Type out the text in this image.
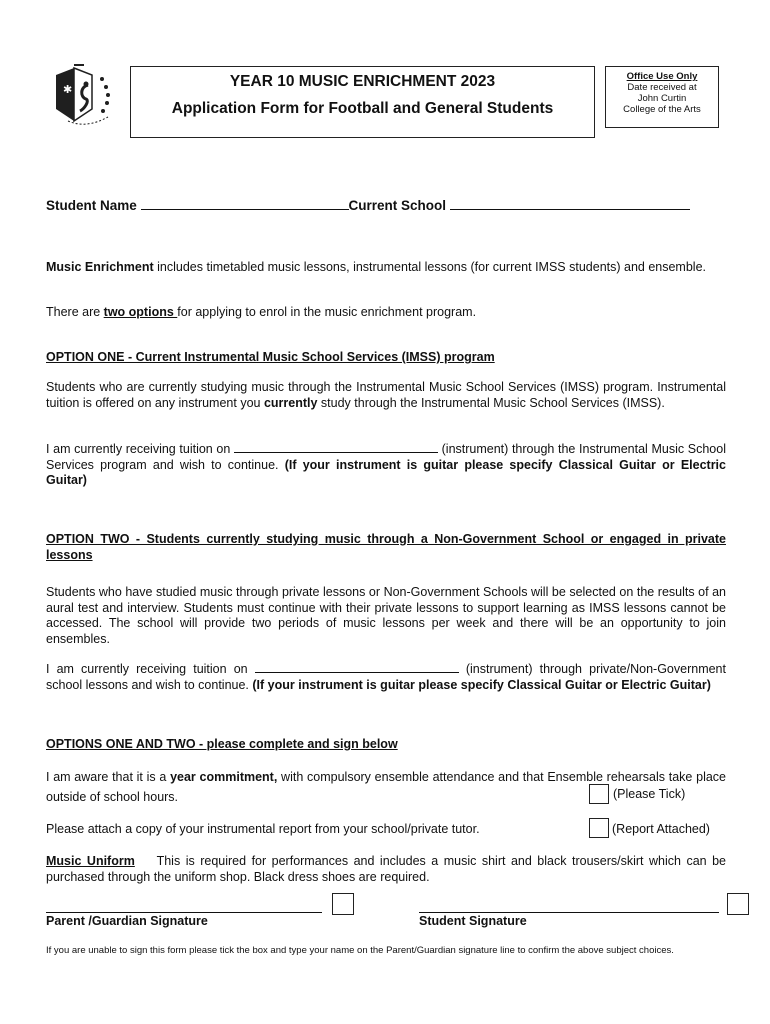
✱	YEAR 10 MUSIC ENRICHMENT 2023
Application Form for Football and General Students
Office Use Only
Date received at
John Curtin
College of the Arts
Student Name	Current School
Music Enrichment includes timetabled music lessons, instrumental lessons (for current IMSS students) and ensemble.
There are two options for applying to enrol in the music enrichment program.
OPTION ONE - Current Instrumental Music School Services (IMSS) program
Students who are currently studying music through the Instrumental Music School Services (IMSS) program. Instrumental tuition is offered on any instrument you currently study through the Instrumental Music School Services (IMSS).
I am currently receiving tuition on	(instrument) through the Instrumental Music School Services program and wish to continue. (If your instrument is guitar please specify Classical Guitar or Electric Guitar)
OPTION TWO - Students currently studying music through a Non-Government School or engaged in private lessons
Students who have studied music through private lessons or Non-Government Schools will be selected on the results of an aural test and interview. Students must continue with their private lessons to support learning as IMSS lessons cannot be accessed. The school will provide two periods of music lessons per week and there will be an opportunity to join ensembles.
I am currently receiving tuition on	(instrument) through private/Non-Government school lessons and wish to continue. (If your instrument is guitar please specify Classical Guitar or Electric Guitar)
OPTIONS ONE AND TWO - please complete and sign below
I am aware that it is a year commitment, with compulsory ensemble attendance and that Ensemble rehearsals take place outside of school hours.	(Please Tick)
Please attach a copy of your instrumental report from your school/private tutor.	(Report Attached)
Music Uniform This is required for performances and includes a music shirt and black trousers/skirt which can be purchased through the uniform shop. Black dress shoes are required.
Parent /Guardian Signature	Student Signature
If you are unable to sign this form please tick the box and type your name on the Parent/Guardian signature line to confirm the above subject choices.
